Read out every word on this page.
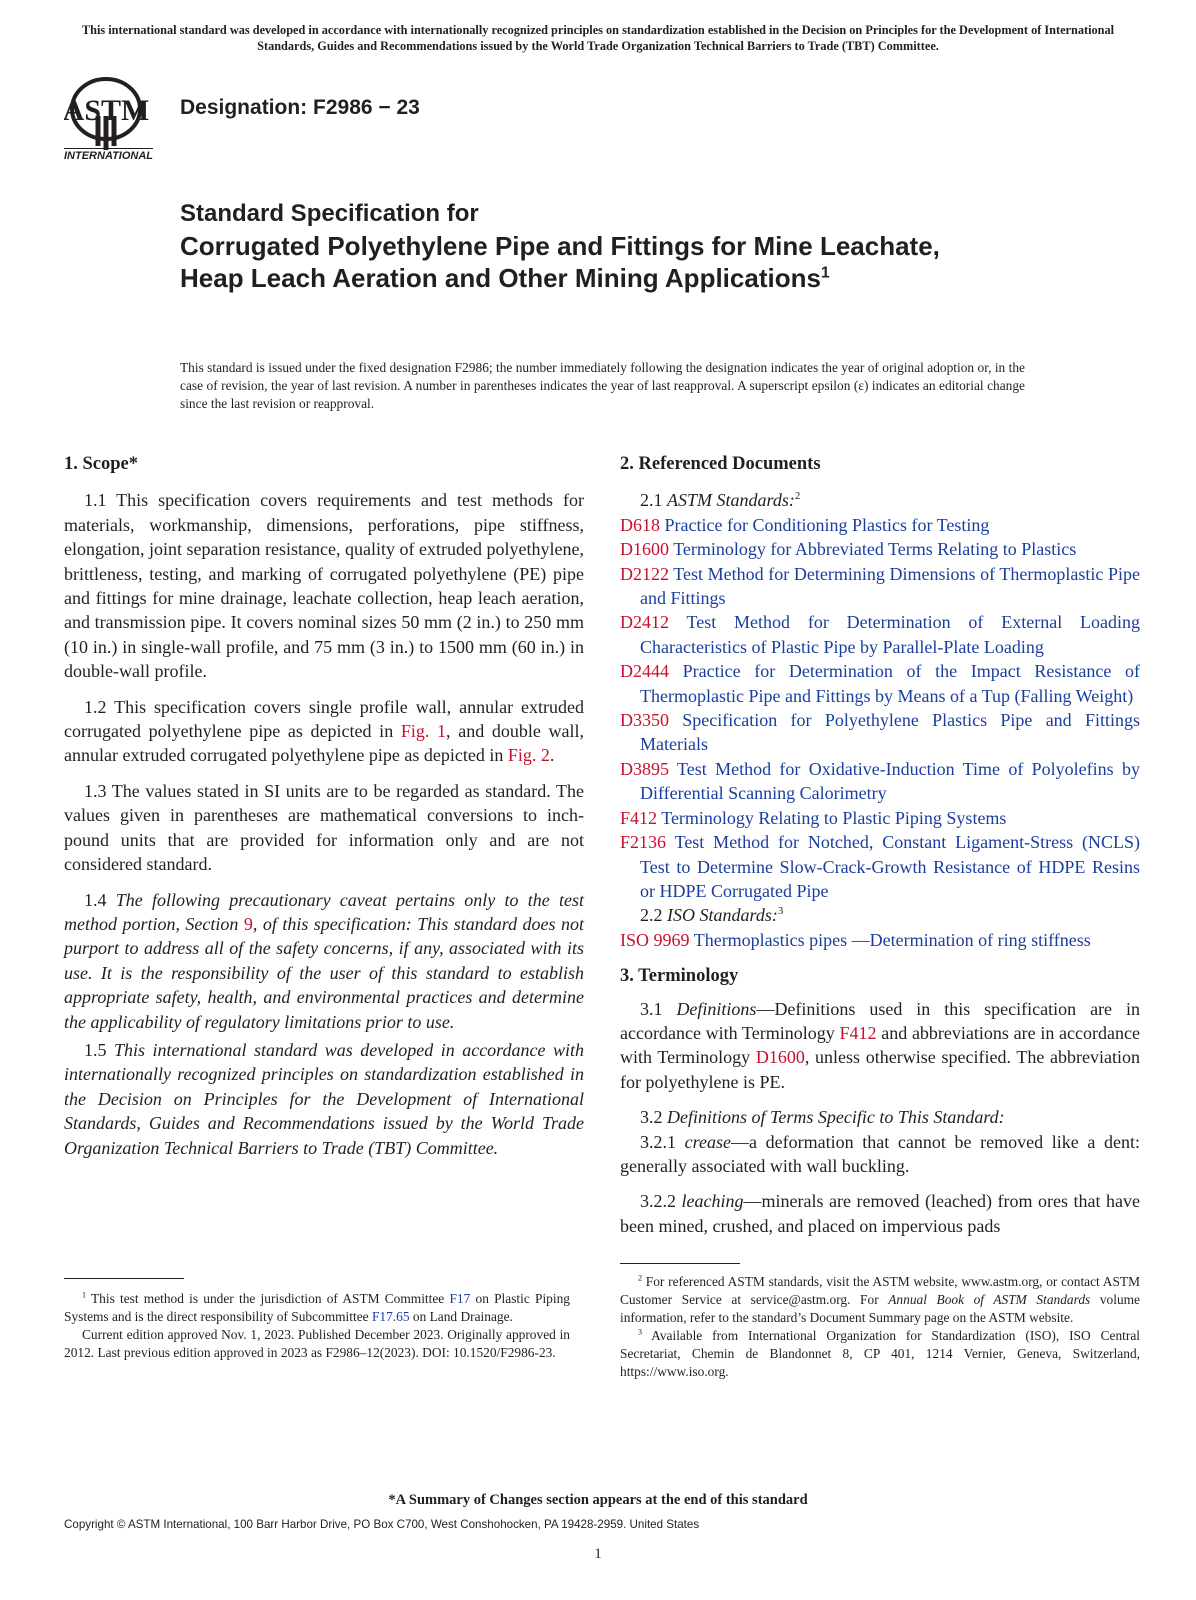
This international standard was developed in accordance with internationally recognized principles on standardization established in the Decision on Principles for the Development of International Standards, Guides and Recommendations issued by the World Trade Organization Technical Barriers to Trade (TBT) Committee.
ASTM
INTERNATIONAL
Designation: F2986 − 23
Standard Specification for
Corrugated Polyethylene Pipe and Fittings for Mine Leachate, Heap Leach Aeration and Other Mining Applications$^1$
This standard is issued under the fixed designation F2986; the number immediately following the designation indicates the year of original adoption or, in the case of revision, the year of last revision. A number in parentheses indicates the year of last reapproval. A superscript epsilon (ε) indicates an editorial change since the last revision or reapproval.
1. Scope*

1.1 This specification covers requirements and test methods for materials, workmanship, dimensions, perforations, pipe stiffness, elongation, joint separation resistance, quality of extruded polyethylene, brittleness, testing, and marking of corrugated polyethylene (PE) pipe and fittings for mine drainage, leachate collection, heap leach aeration, and transmission pipe. It covers nominal sizes 50 mm (2 in.) to 250 mm (10 in.) in single-wall profile, and 75 mm (3 in.) to 1500 mm (60 in.) in double-wall profile.

1.2 This specification covers single profile wall, annular extruded corrugated polyethylene pipe as depicted in Fig. 1, and double wall, annular extruded corrugated polyethylene pipe as depicted in Fig. 2.

1.3 The values stated in SI units are to be regarded as standard. The values given in parentheses are mathematical conversions to inch-pound units that are provided for information only and are not considered standard.

1.4 The following precautionary caveat pertains only to the test method portion, Section 9, of this specification: This standard does not purport to address all of the safety concerns, if any, associated with its use. It is the responsibility of the user of this standard to establish appropriate safety, health, and environmental practices and determine the applicability of regulatory limitations prior to use.

1.5 This international standard was developed in accordance with internationally recognized principles on standardization established in the Decision on Principles for the Development of International Standards, Guides and Recommendations issued by the World Trade Organization Technical Barriers to Trade (TBT) Committee.

$^1$ This test method is under the jurisdiction of ASTM Committee F17 on Plastic Piping Systems and is the direct responsibility of Subcommittee F17.65 on Land Drainage.

Current edition approved Nov. 1, 2023. Published December 2023. Originally approved in 2012. Last previous edition approved in 2023 as F2986–12(2023). DOI: 10.1520/F2986-23.

2. Referenced Documents

2.1 ASTM Standards:$^2$

D618 Practice for Conditioning Plastics for Testing

D1600 Terminology for Abbreviated Terms Relating to Plastics

D2122 Test Method for Determining Dimensions of Thermoplastic Pipe and Fittings

D2412 Test Method for Determination of External Loading Characteristics of Plastic Pipe by Parallel-Plate Loading

D2444 Practice for Determination of the Impact Resistance of Thermoplastic Pipe and Fittings by Means of a Tup (Falling Weight)

D3350 Specification for Polyethylene Plastics Pipe and Fittings Materials

D3895 Test Method for Oxidative-Induction Time of Polyolefins by Differential Scanning Calorimetry

F412 Terminology Relating to Plastic Piping Systems

F2136 Test Method for Notched, Constant Ligament-Stress (NCLS) Test to Determine Slow-Crack-Growth Resistance of HDPE Resins or HDPE Corrugated Pipe

2.2 ISO Standards:$^3$

ISO 9969 Thermoplastics pipes —Determination of ring stiffness

3. Terminology

3.1 Definitions—Definitions used in this specification are in accordance with Terminology F412 and abbreviations are in accordance with Terminology D1600, unless otherwise specified. The abbreviation for polyethylene is PE.

3.2 Definitions of Terms Specific to This Standard:

3.2.1 crease—a deformation that cannot be removed like a dent: generally associated with wall buckling.

3.2.2 leaching—minerals are removed (leached) from ores that have been mined, crushed, and placed on impervious pads

$^2$ For referenced ASTM standards, visit the ASTM website, www.astm.org, or contact ASTM Customer Service at service@astm.org. For Annual Book of ASTM Standards volume information, refer to the standard’s Document Summary page on the ASTM website.

$^3$ Available from International Organization for Standardization (ISO), ISO Central Secretariat, Chemin de Blandonnet 8, CP 401, 1214 Vernier, Geneva, Switzerland, https://www.iso.org.

*A Summary of Changes section appears at the end of this standard
Copyright © ASTM International, 100 Barr Harbor Drive, PO Box C700, West Conshohocken, PA 19428-2959. United States
1
